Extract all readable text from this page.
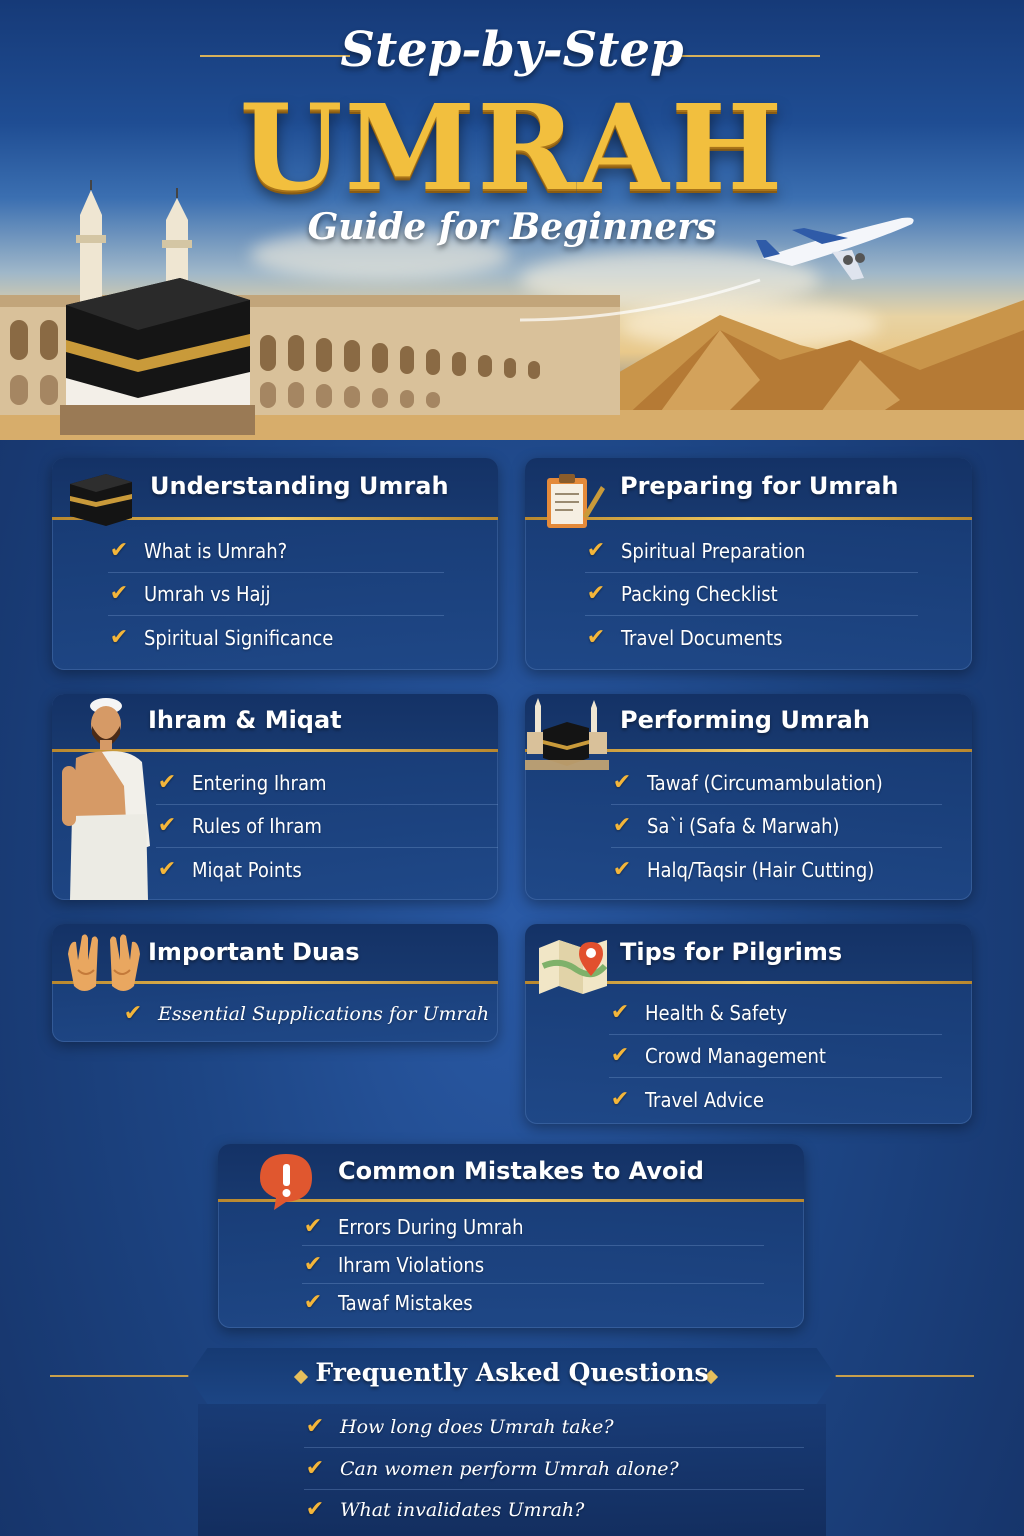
Step-by-Step
UMRAH
Guide for Beginners
Understanding Umrah
✔ What is Umrah?
✔ Umrah vs Hajj
✔ Spiritual Significance
Preparing for Umrah
✔ Spiritual Preparation
✔ Packing Checklist
✔ Travel Documents
Ihram & Miqat
✔ Entering Ihram
✔ Rules of Ihram
✔ Miqat Points
Performing Umrah
✔ Tawaf (Circumambulation)
✔ Sa`i (Safa & Marwah)
✔ Halq/Taqsir (Hair Cutting)
Important Duas
✔ Essential Supplications for Umrah
Tips for Pilgrims
✔ Health & Safety
✔ Crowd Management
✔ Travel Advice
Common Mistakes to Avoid
✔ Errors During Umrah
✔ Ihram Violations
✔ Tawaf Mistakes
Frequently Asked Questions
✔ How long does Umrah take?
✔ Can women perform Umrah alone?
✔ What invalidates Umrah?
